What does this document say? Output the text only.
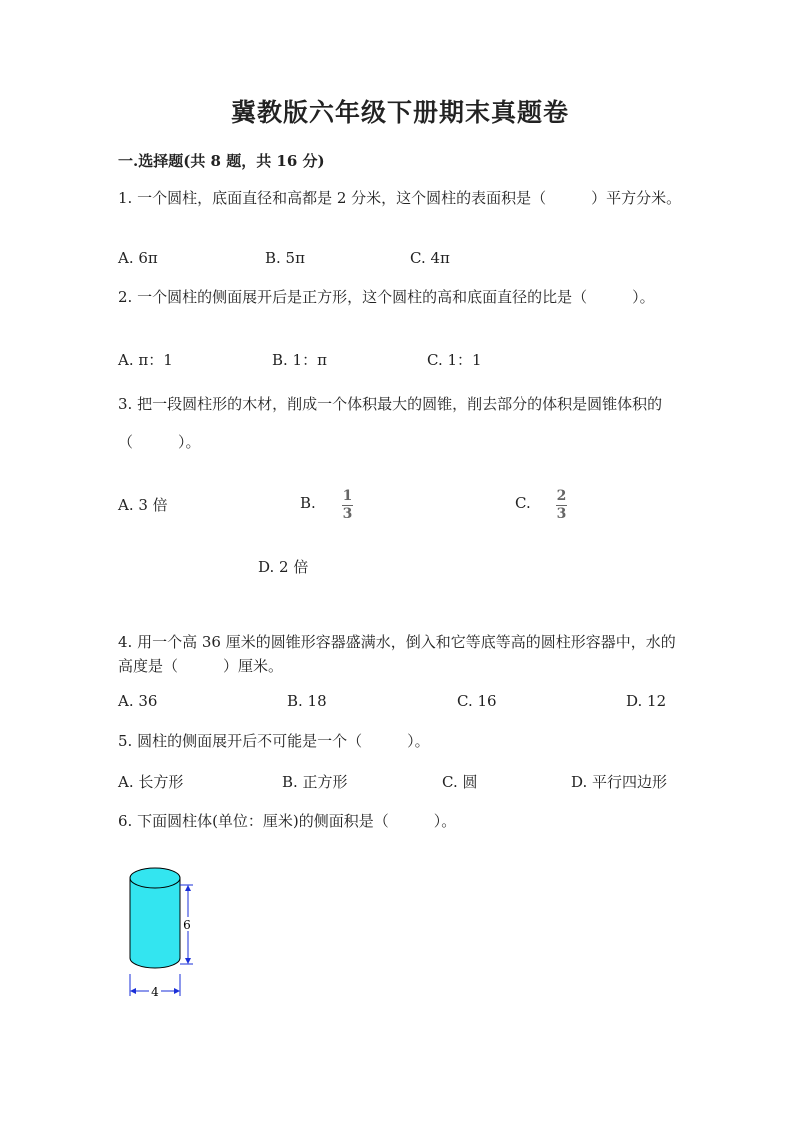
冀教版六年级下册期末真题卷
一.选择题(共 8 题，共 16 分)
1. 一个圆柱，底面直径和高都是 2 分米，这个圆柱的表面积是（　　　）平方分米。
A. 6π	B. 5π	C. 4π
2. 一个圆柱的侧面展开后是正方形，这个圆柱的高和底面直径的比是（　　　）。
A. π：1	B. 1：π	C. 1：1
3. 把一段圆柱形的木材，削成一个体积最大的圆锥，削去部分的体积是圆锥体积的（　　　）。
A. 3 倍	B. 1
3
C. 2
3
D. 2 倍
4. 用一个高 36 厘米的圆锥形容器盛满水，倒入和它等底等高的圆柱形容器中，水的高度是（　　　）厘米。
A. 36	B. 18	C. 16	D. 12
5. 圆柱的侧面展开后不可能是一个（　　　）。
A. 长方形	B. 正方形	C. 圆	D. 平行四边形
6. 下面圆柱体(单位：厘米)的侧面积是（　　　）。
6
4
